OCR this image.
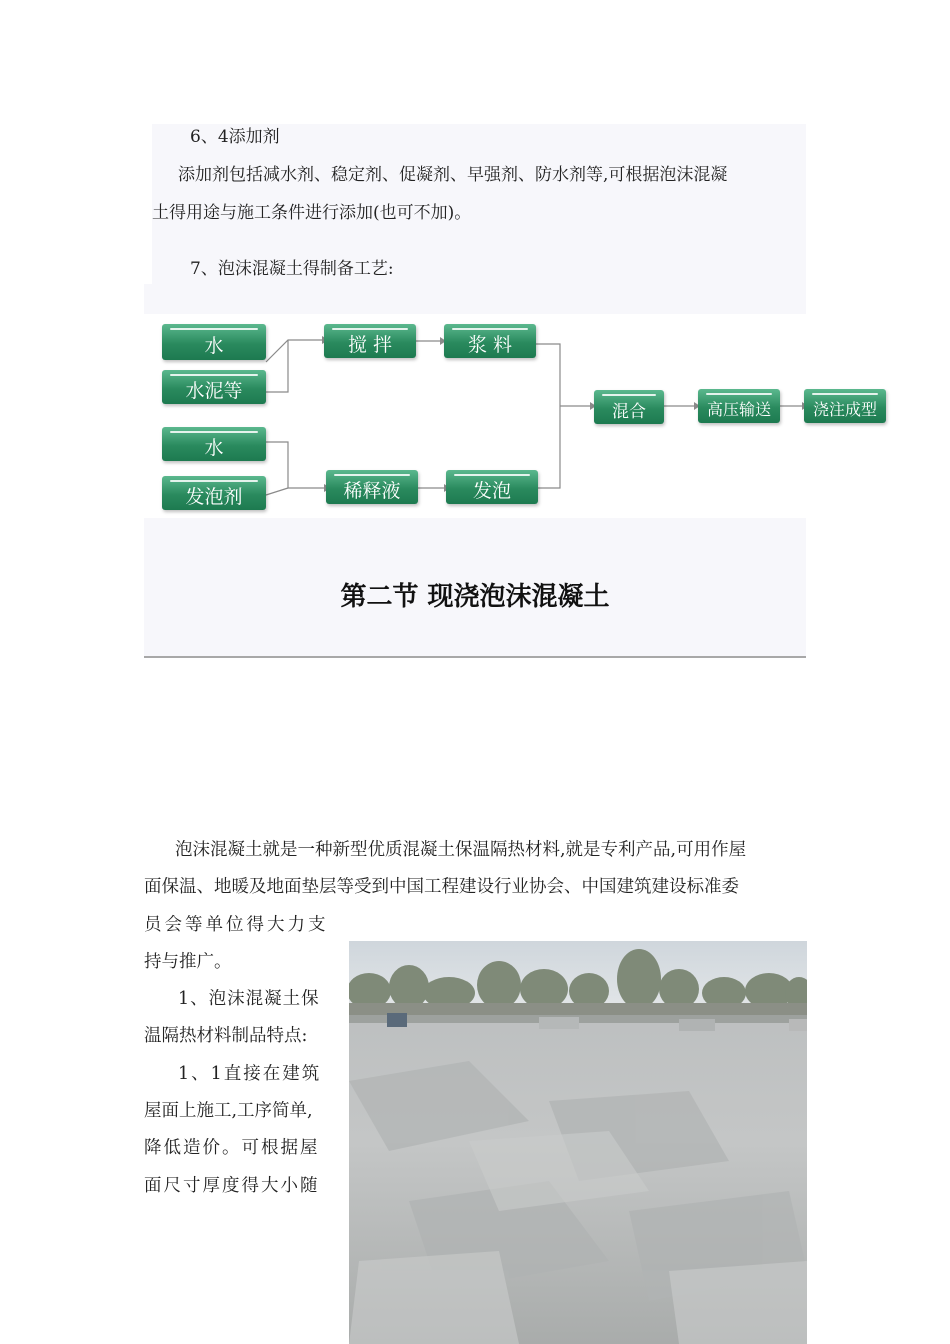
6、4添加剂
添加剂包括减水剂、稳定剂、促凝剂、早强剂、防水剂等,可根据泡沫混凝
土得用途与施工条件进行添加(也可不加)。
7、泡沫混凝土得制备工艺:
水
水泥等
水
发泡剂
搅 拌	浆 料
稀释液	发泡
混合	高压输送	浇注成型
第二节 现浇泡沫混凝土
泡沫混凝土就是一种新型优质混凝土保温隔热材料,就是专利产品,可用作屋
面保温、地暖及地面垫层等受到中国工程建设行业协会、中国建筑建设标准委
员会等单位得大力支
持与推广。
1、泡沫混凝土保
温隔热材料制品特点:
1、1直接在建筑
屋面上施工,工序简单,
降低造价。可根据屋
面尺寸厚度得大小随
